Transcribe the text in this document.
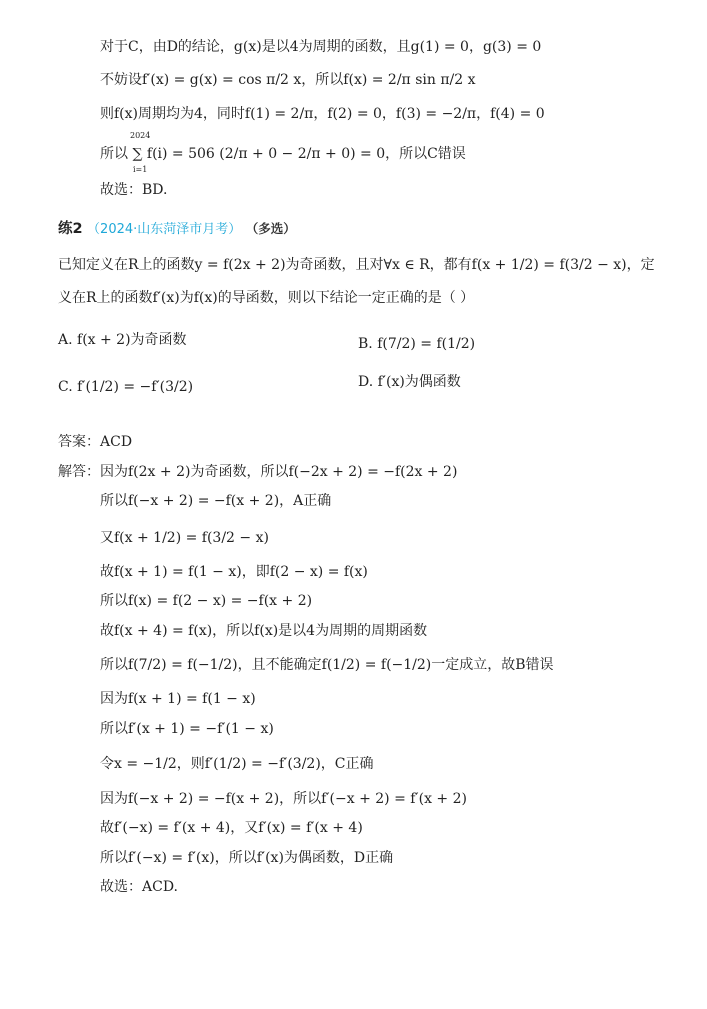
对于C，由D的结论，g(x)是以4为周期的函数，且g(1) = 0，g(3) = 0
不妨设f′(x) = g(x) = cos π/2 x，所以f(x) = 2/π sin π/2 x
则f(x)周期均为4，同时f(1) = 2/π，f(2) = 0，f(3) = −2/π，f(4) = 0
所以 ∑ f(i) = 506 (2/π + 0 − 2/π + 0) = 0，所以C错误
2024
i=1
故选：BD.
练2 （2024·山东菏泽市月考） （多选）
已知定义在R上的函数y = f(2x + 2)为奇函数，且对∀x ∈ R，都有f(x + 1/2) = f(3/2 − x)，定
义在R上的函数f′(x)为f(x)的导函数，则以下结论一定正确的是（ ）
A. f(x + 2)为奇函数	B. f(7/2) = f(1/2)
C. f′(1/2) = −f′(3/2)	D. f′(x)为偶函数
答案：ACD
解答： 因为f(2x + 2)为奇函数，所以f(−2x + 2) = −f(2x + 2)
所以f(−x + 2) = −f(x + 2)，A正确
又f(x + 1/2) = f(3/2 − x)
故f(x + 1) = f(1 − x)，即f(2 − x) = f(x)
所以f(x) = f(2 − x) = −f(x + 2)
故f(x + 4) = f(x)，所以f(x)是以4为周期的周期函数
所以f(7/2) = f(−1/2)，且不能确定f(1/2) = f(−1/2)一定成立，故B错误
因为f(x + 1) = f(1 − x)
所以f′(x + 1) = −f′(1 − x)
令x = −1/2，则f′(1/2) = −f′(3/2)，C正确
因为f(−x + 2) = −f(x + 2)，所以f′(−x + 2) = f′(x + 2)
故f′(−x) = f′(x + 4)，又f′(x) = f′(x + 4)
所以f′(−x) = f′(x)，所以f′(x)为偶函数，D正确
故选：ACD.
